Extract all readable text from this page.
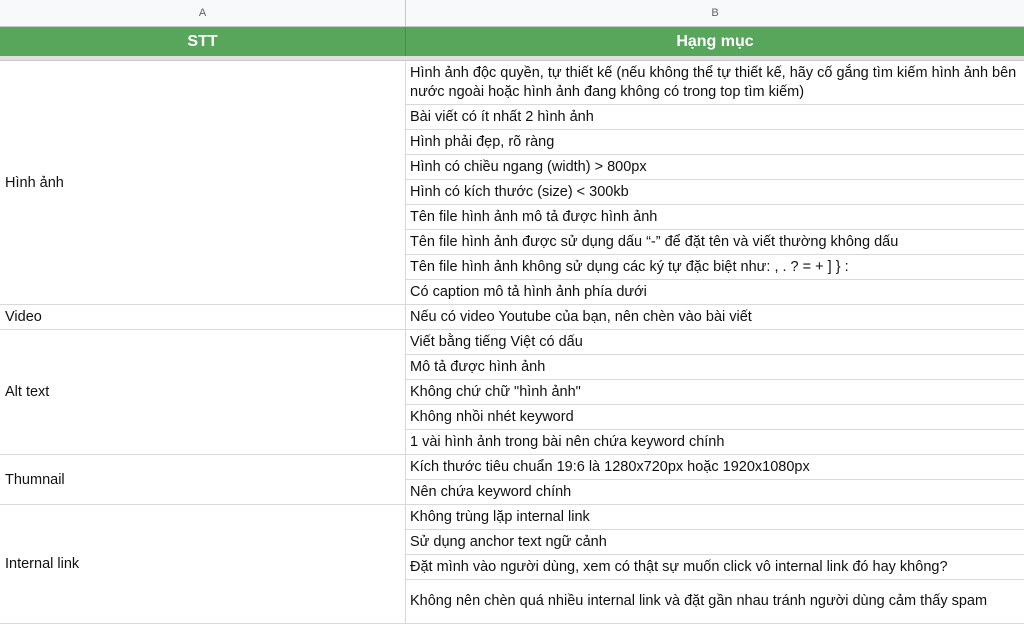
A	B
STT	Hạng mục
Hình ảnh độc quyền, tự thiết kế (nếu không thể tự thiết kế, hãy cố gắng tìm kiếm hình ảnh bên nước ngoài hoặc hình ảnh đang không có trong top tìm kiếm)
Bài viết có ít nhất 2 hình ảnh
Hình phải đẹp, rõ ràng
Hình có chiều ngang (width) > 800px
Hình có kích thước (size) < 300kb
Tên file hình ảnh mô tả được hình ảnh
Tên file hình ảnh được sử dụng dấu “-” để đặt tên và viết thường không dấu
Tên file hình ảnh không sử dụng các ký tự đặc biệt như: , . ? = + ] } :
Có caption mô tả hình ảnh phía dưới
Hình ảnh
Nếu có video Youtube của bạn, nên chèn vào bài viết
Video
Viết bằng tiếng Việt có dấu
Mô tả được hình ảnh
Không chứ chữ "hình ảnh"
Không nhồi nhét keyword
1 vài hình ảnh trong bài nên chứa keyword chính
Alt text
Kích thước tiêu chuẩn 19:6 là 1280x720px hoặc 1920x1080px
Nên chứa keyword chính
Thumnail
Không trùng lặp internal link
Sử dụng anchor text ngữ cảnh
Đặt mình vào người dùng, xem có thật sự muốn click vô internal link đó hay không?
Không nên chèn quá nhiều internal link và đặt gần nhau tránh người dùng cảm thấy spam
Internal link
